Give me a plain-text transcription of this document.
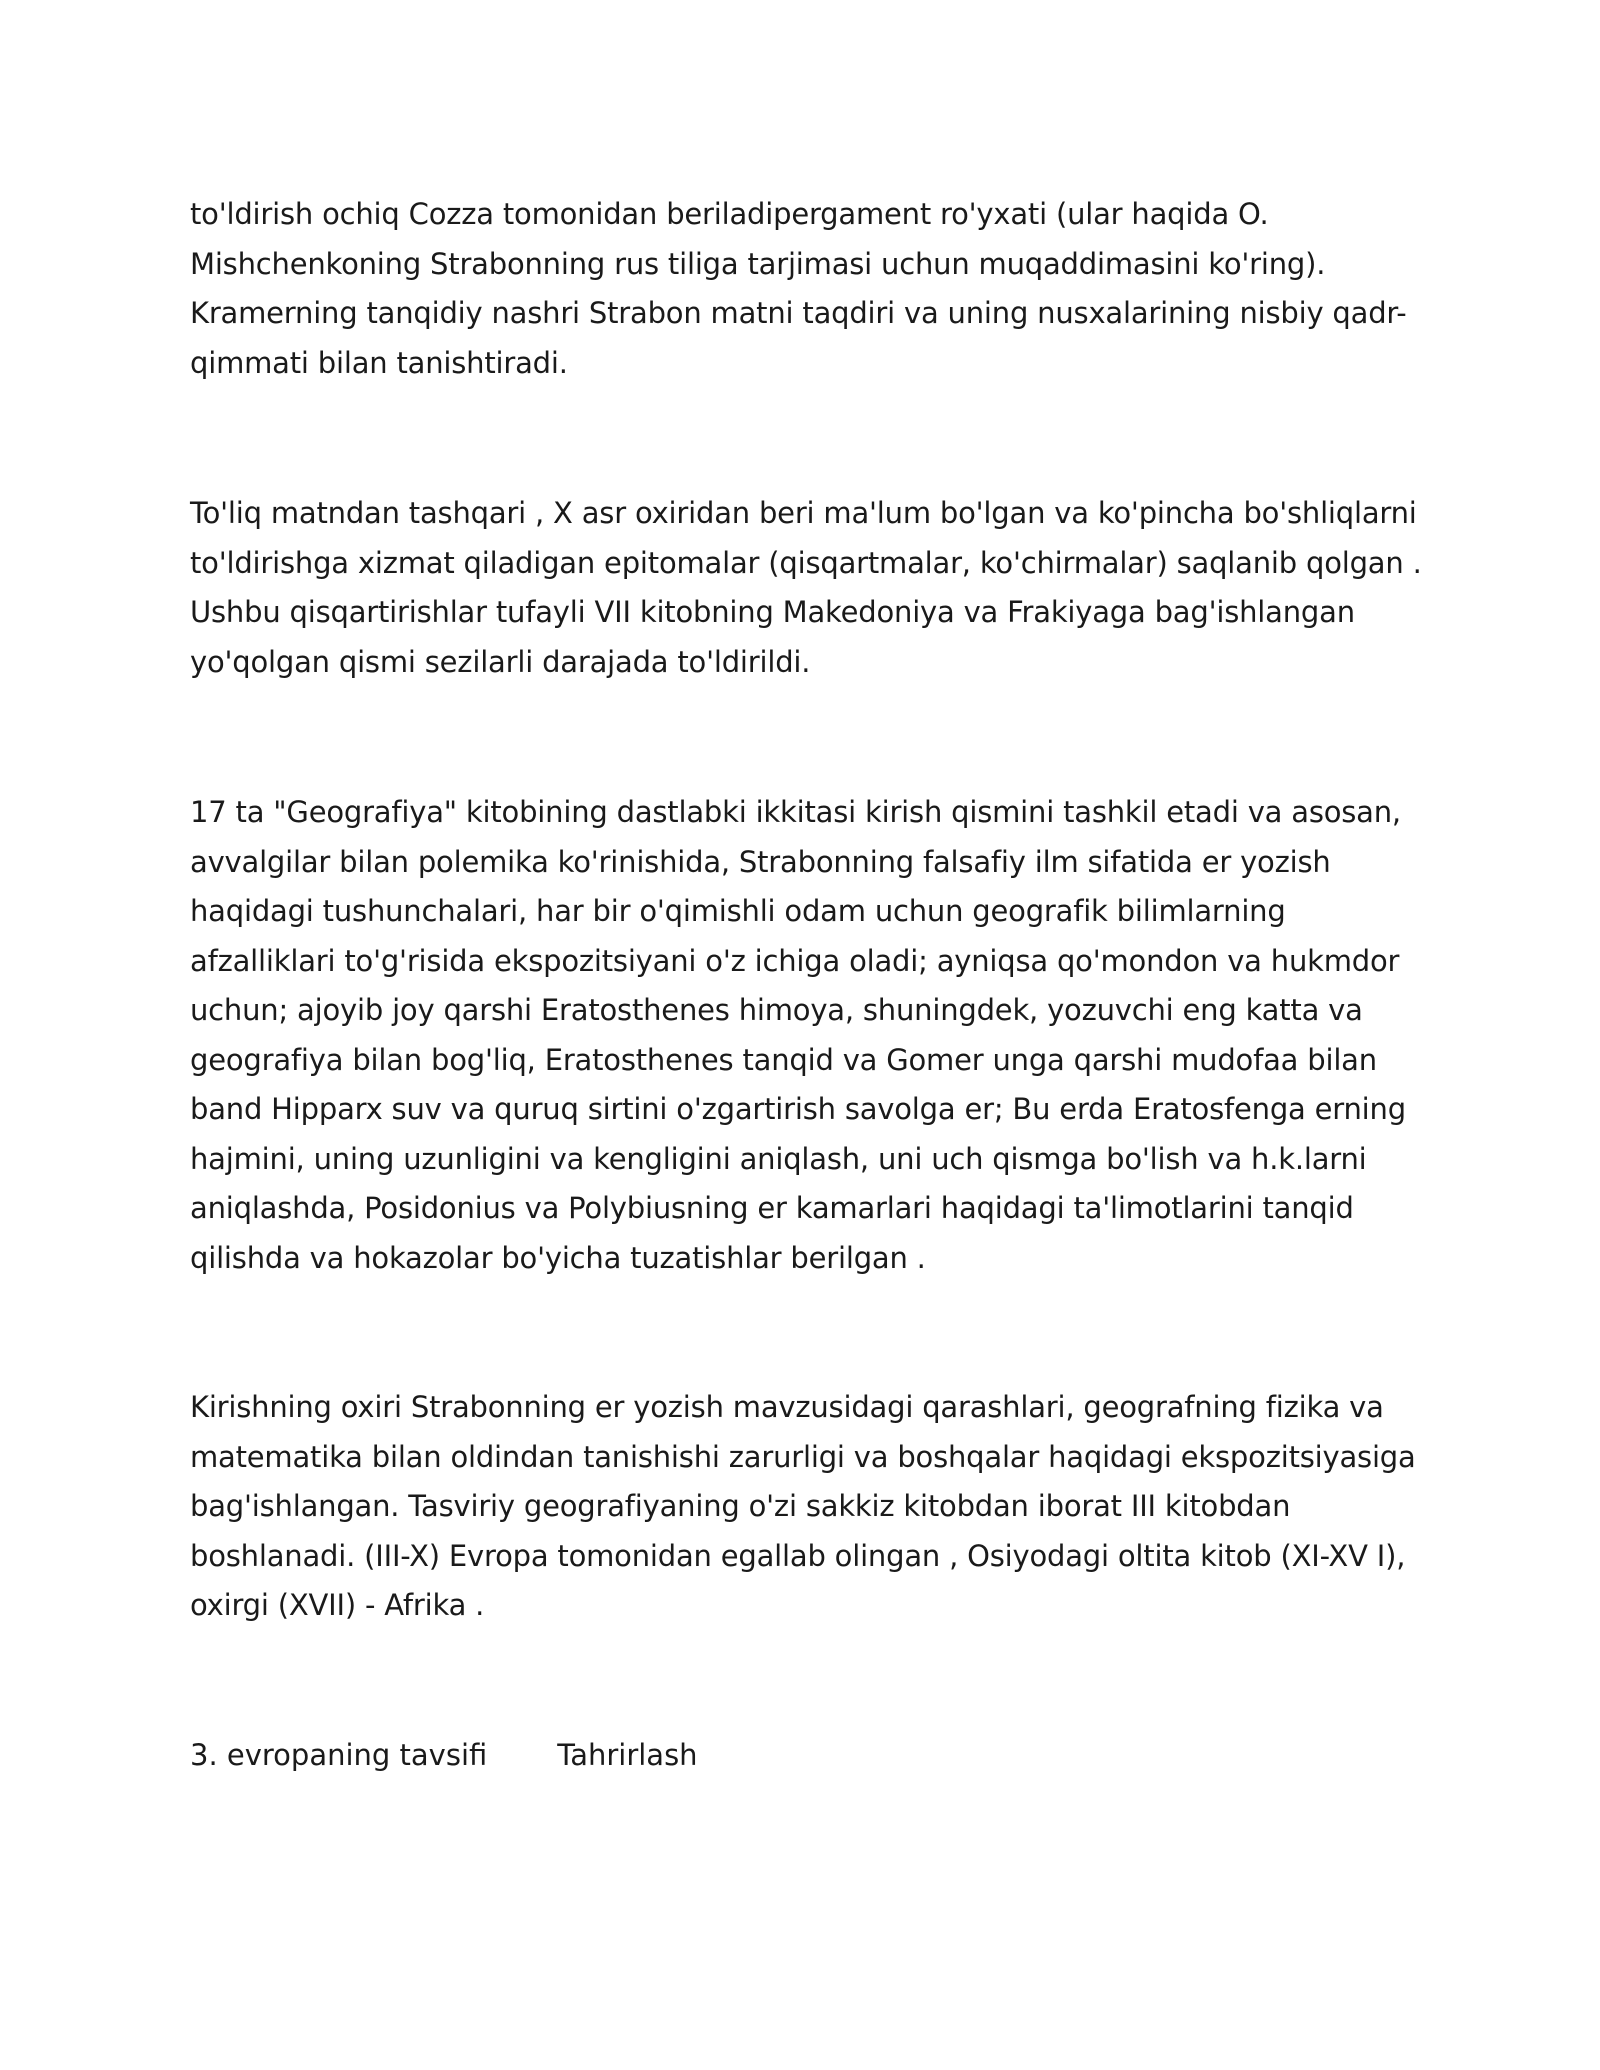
to'ldirish ochiq Cozza tomonidan beriladipergament ro'yxati (ular haqida O. Mishchenkoning Strabonning rus tiliga tarjimasi uchun muqaddimasini ko'ring). Kramerning tanqidiy nashri Strabon matni taqdiri va uning nusxalarining nisbiy qadr-qimmati bilan tanishtiradi.

To'liq matndan tashqari , X asr oxiridan beri ma'lum bo'lgan va ko'pincha bo'shliqlarni to'ldirishga xizmat qiladigan epitomalar (qisqartmalar, ko'chirmalar) saqlanib qolgan . Ushbu qisqartirishlar tufayli VII kitobning Makedoniya va Frakiyaga bag'ishlangan yo'qolgan qismi sezilarli darajada to'ldirildi.

17 ta "Geografiya" kitobining dastlabki ikkitasi kirish qismini tashkil etadi va asosan, avvalgilar bilan polemika ko'rinishida, Strabonning falsafiy ilm sifatida er yozish haqidagi tushunchalari, har bir o'qimishli odam uchun geografik bilimlarning afzalliklari to'g'risida ekspozitsiyani o'z ichiga oladi; ayniqsa qo'mondon va hukmdor uchun; ajoyib joy qarshi Eratosthenes himoya, shuningdek, yozuvchi eng katta va geografiya bilan bog'liq, Eratosthenes tanqid va Gomer unga qarshi mudofaa bilan band Hipparx suv va quruq sirtini o'zgartirish savolga er; Bu erda Eratosfenga erning hajmini, uning uzunligini va kengligini aniqlash, uni uch qismga bo'lish va h.k.larni aniqlashda, Posidonius va Polybiusning er kamarlari haqidagi ta'limotlarini tanqid qilishda va hokazolar bo'yicha tuzatishlar berilgan .

Kirishning oxiri Strabonning er yozish mavzusidagi qarashlari, geografning fizika va matematika bilan oldindan tanishishi zarurligi va boshqalar haqidagi ekspozitsiyasiga bag'ishlangan. Tasviriy geografiyaning o'zi sakkiz kitobdan iborat III kitobdan boshlanadi. (III-X) Evropa tomonidan egallab olingan , Osiyodagi oltita kitob (XI-XV I), oxirgi (XVII) - Afrika .

3. evropaning tavsifi Tahrirlash
